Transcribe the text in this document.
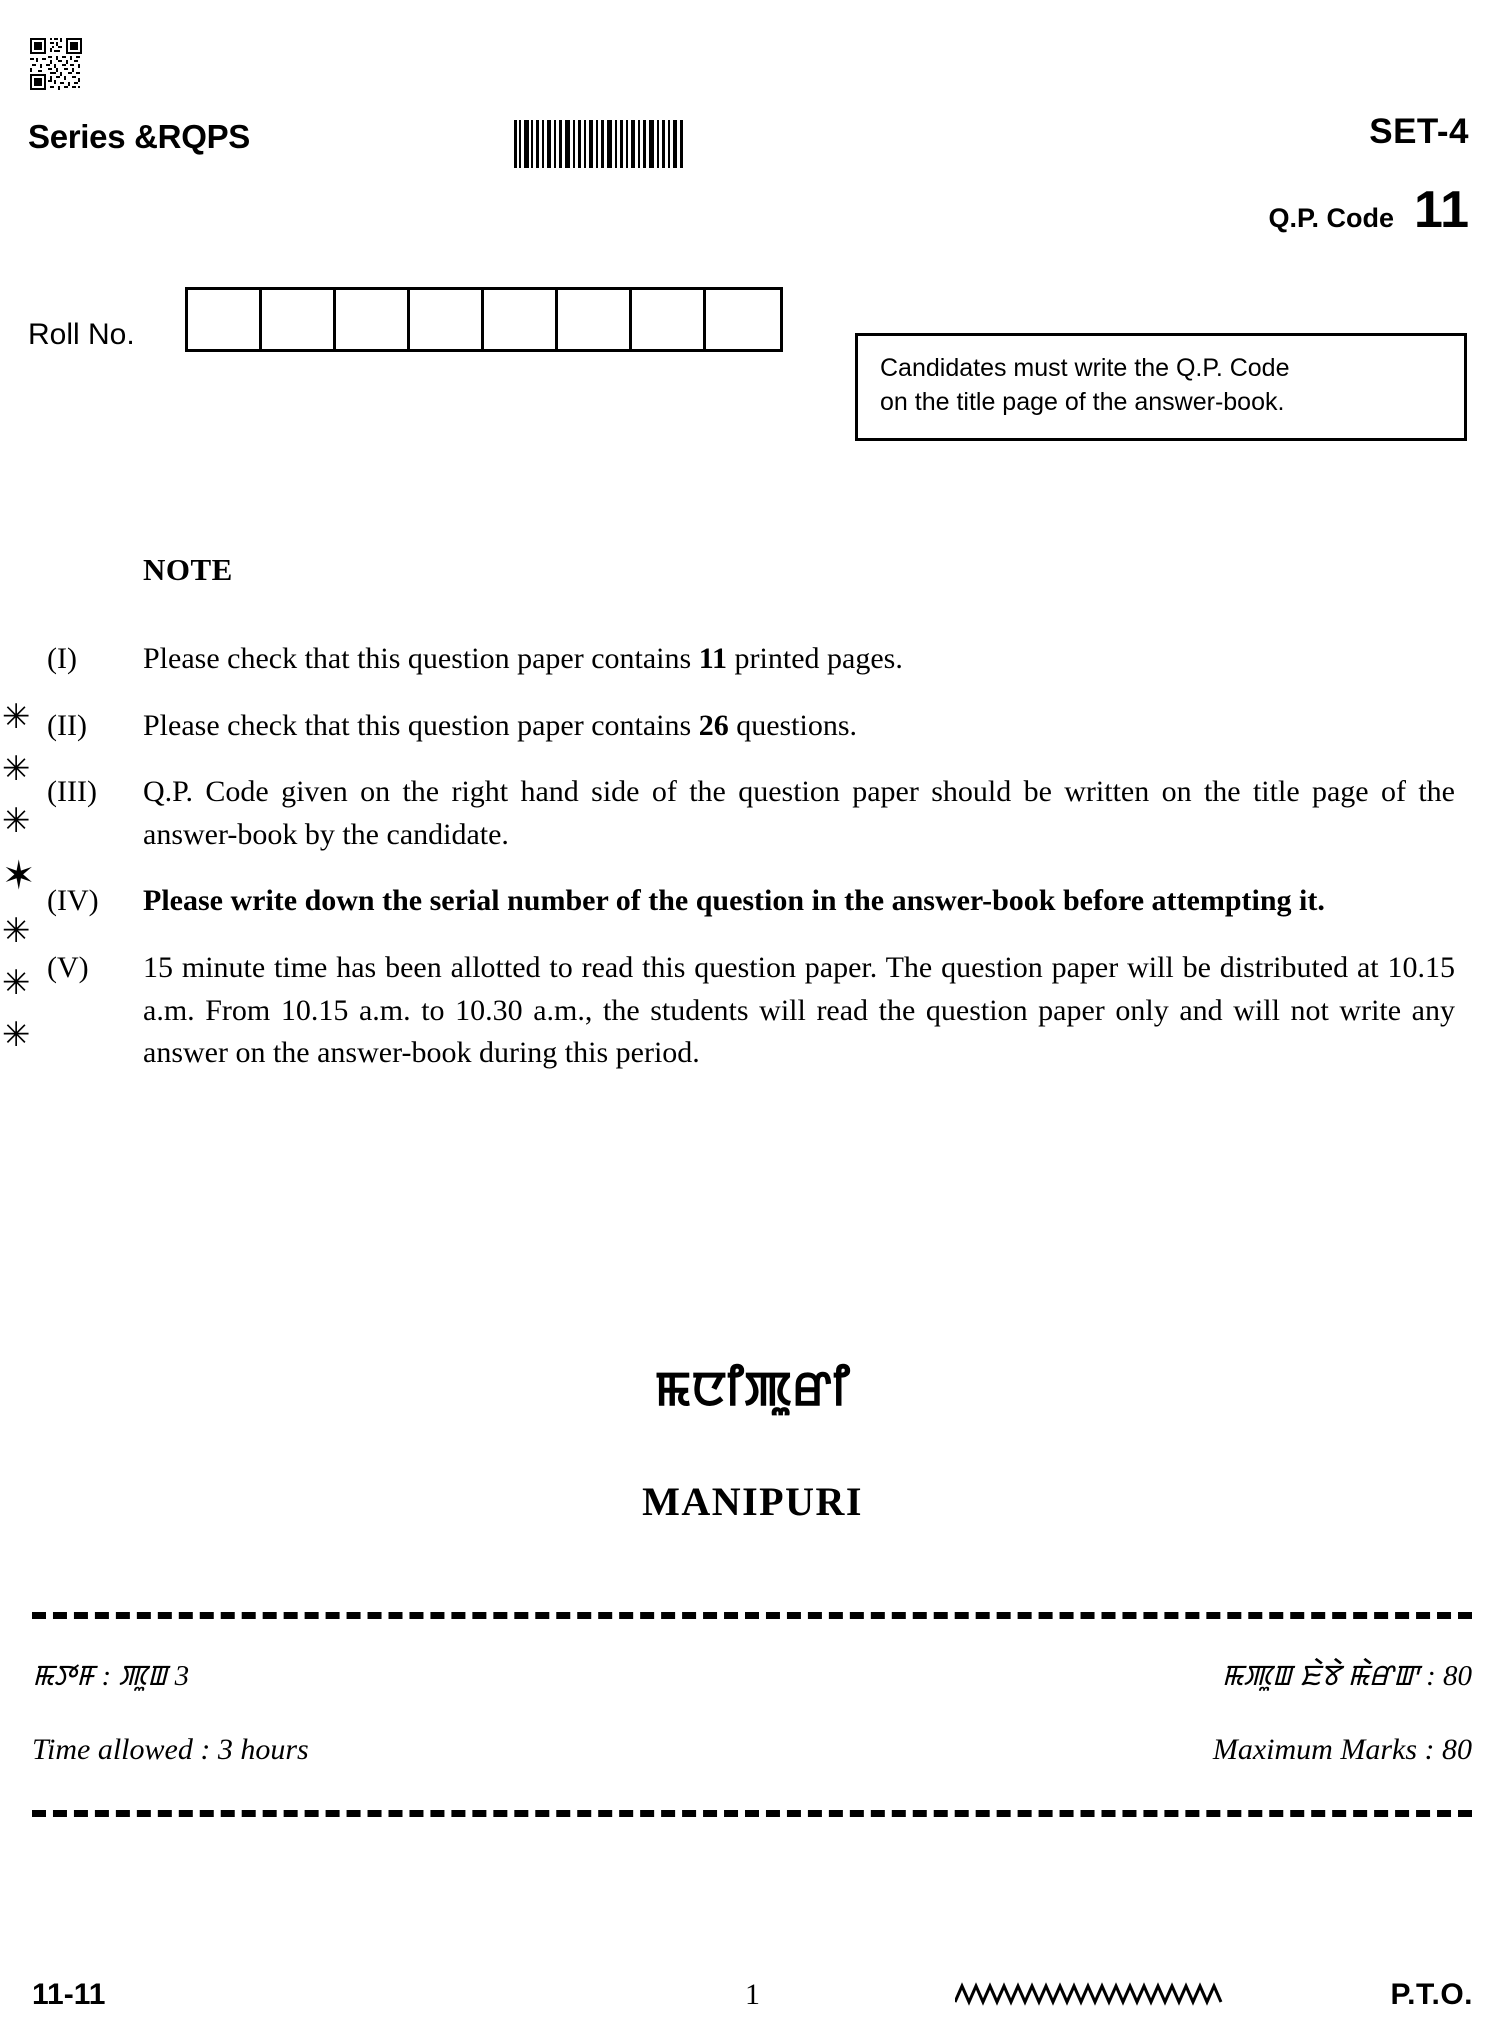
Series &RQPS	SET-4
Q.P. Code 11
Roll No.
Candidates must write the Q.P. Code
on the title page of the answer-book.
NOTE
✳
✳
✳
✶
✳
✳
✳
(I)	Please check that this question paper contains 11 printed pages.
(II)	Please check that this question paper contains 26 questions.
(III)	Q.P. Code given on the right hand side of the question paper should be written on the title page of the answer-book by the candidate.
(IV)	Please write down the serial number of the question in the answer-book before attempting it.
(V)	15 minute time has been allotted to read this question paper. The question paper will be distributed at 10.15 a.m. From 10.15 a.m. to 10.30 a.m., the students will read the question paper only and will not write any answer on the answer-book during this period.
ꯃꯅꯤꯄꯨꯔꯤ
MANIPURI
ꯃꯇꯝ : ꯄꯨꯡ 3	ꯃꯄꯨꯡ ꯐꯥꯕꯥ ꯃꯥꯔꯛ : 80
Time allowed : 3 hours	Maximum Marks : 80
11-11	1	P.T.O.
